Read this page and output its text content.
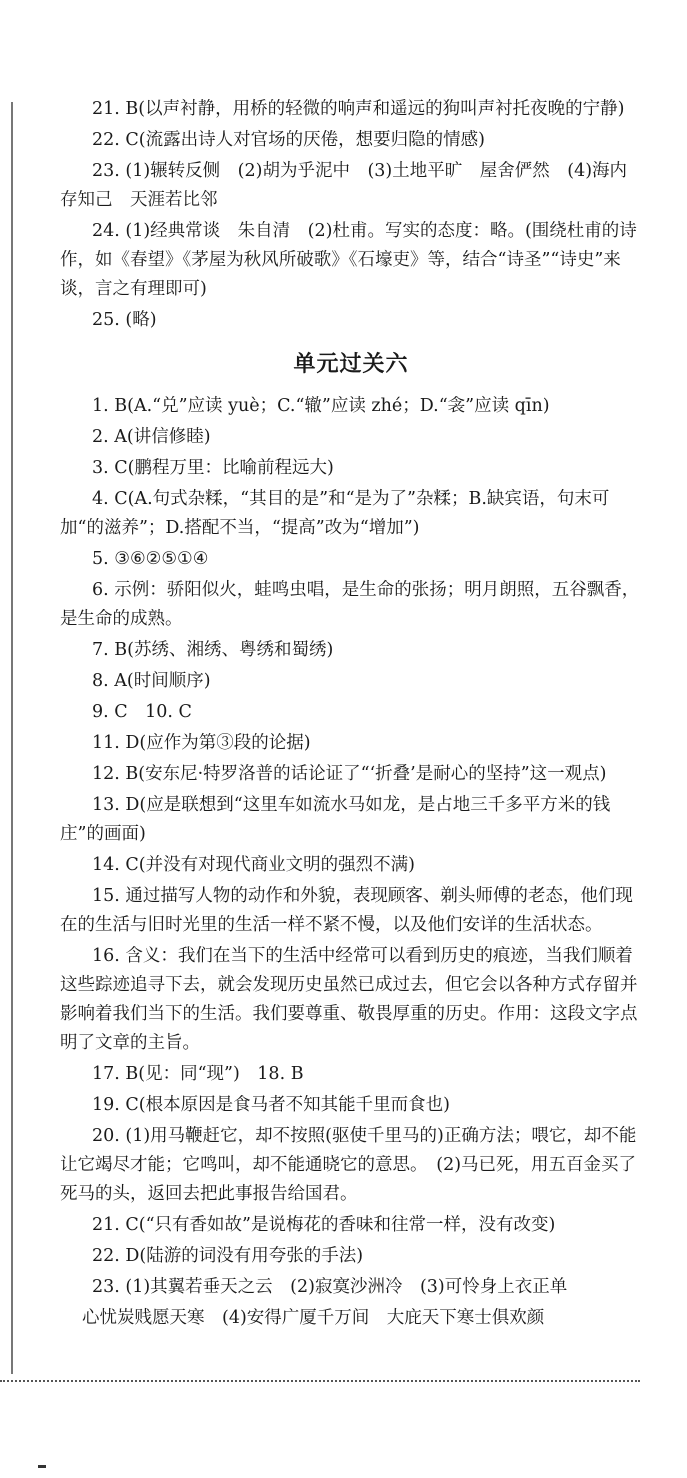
21. B(以声衬静，用桥的轻微的响声和遥远的狗叫声衬托夜晚的宁静)

22. C(流露出诗人对官场的厌倦，想要归隐的情感)

23. (1)辗转反侧　(2)胡为乎泥中　(3)土地平旷　屋舍俨然　(4)海内存知己　天涯若比邻

24. (1)经典常谈　朱自清　(2)杜甫。写实的态度：略。(围绕杜甫的诗作，如《春望》《茅屋为秋风所破歌》《石壕吏》等，结合“诗圣”“诗史”来谈，言之有理即可)

25. (略)

单元过关六

1. B(A.“兑”应读 yuè；C.“辙”应读 zhé；D.“衾”应读 qīn)

2. A(讲信修睦)

3. C(鹏程万里：比喻前程远大)

4. C(A.句式杂糅，“其目的是”和“是为了”杂糅；B.缺宾语，句末可加“的滋养”；D.搭配不当，“提高”改为“增加”)

5. ③⑥②⑤①④

6. 示例：骄阳似火，蛙鸣虫唱，是生命的张扬；明月朗照，五谷飘香，是生命的成熟。

7. B(苏绣、湘绣、粤绣和蜀绣)

8. A(时间顺序)

9. C　10. C

11. D(应作为第③段的论据)

12. B(安东尼·特罗洛普的话论证了“‘折叠’是耐心的坚持”这一观点)

13. D(应是联想到“这里车如流水马如龙，是占地三千多平方米的钱庄”的画面)

14. C(并没有对现代商业文明的强烈不满)

15. 通过描写人物的动作和外貌，表现顾客、剃头师傅的老态，他们现在的生活与旧时光里的生活一样不紧不慢，以及他们安详的生活状态。

16. 含义：我们在当下的生活中经常可以看到历史的痕迹，当我们顺着这些踪迹追寻下去，就会发现历史虽然已成过去，但它会以各种方式存留并影响着我们当下的生活。我们要尊重、敬畏厚重的历史。作用：这段文字点明了文章的主旨。

17. B(见：同“现”)　18. B

19. C(根本原因是食马者不知其能千里而食也)

20. (1)用马鞭赶它，却不按照(驱使千里马的)正确方法；喂它，却不能让它竭尽才能；它鸣叫，却不能通晓它的意思。　(2)马已死，用五百金买了死马的头，返回去把此事报告给国君。

21. C(“只有香如故”是说梅花的香味和往常一样，没有改变)

22. D(陆游的词没有用夸张的手法)

23. (1)其翼若垂天之云　(2)寂寞沙洲冷　(3)可怜身上衣正单

心忧炭贱愿天寒　(4)安得广厦千万间　大庇天下寒士俱欢颜
